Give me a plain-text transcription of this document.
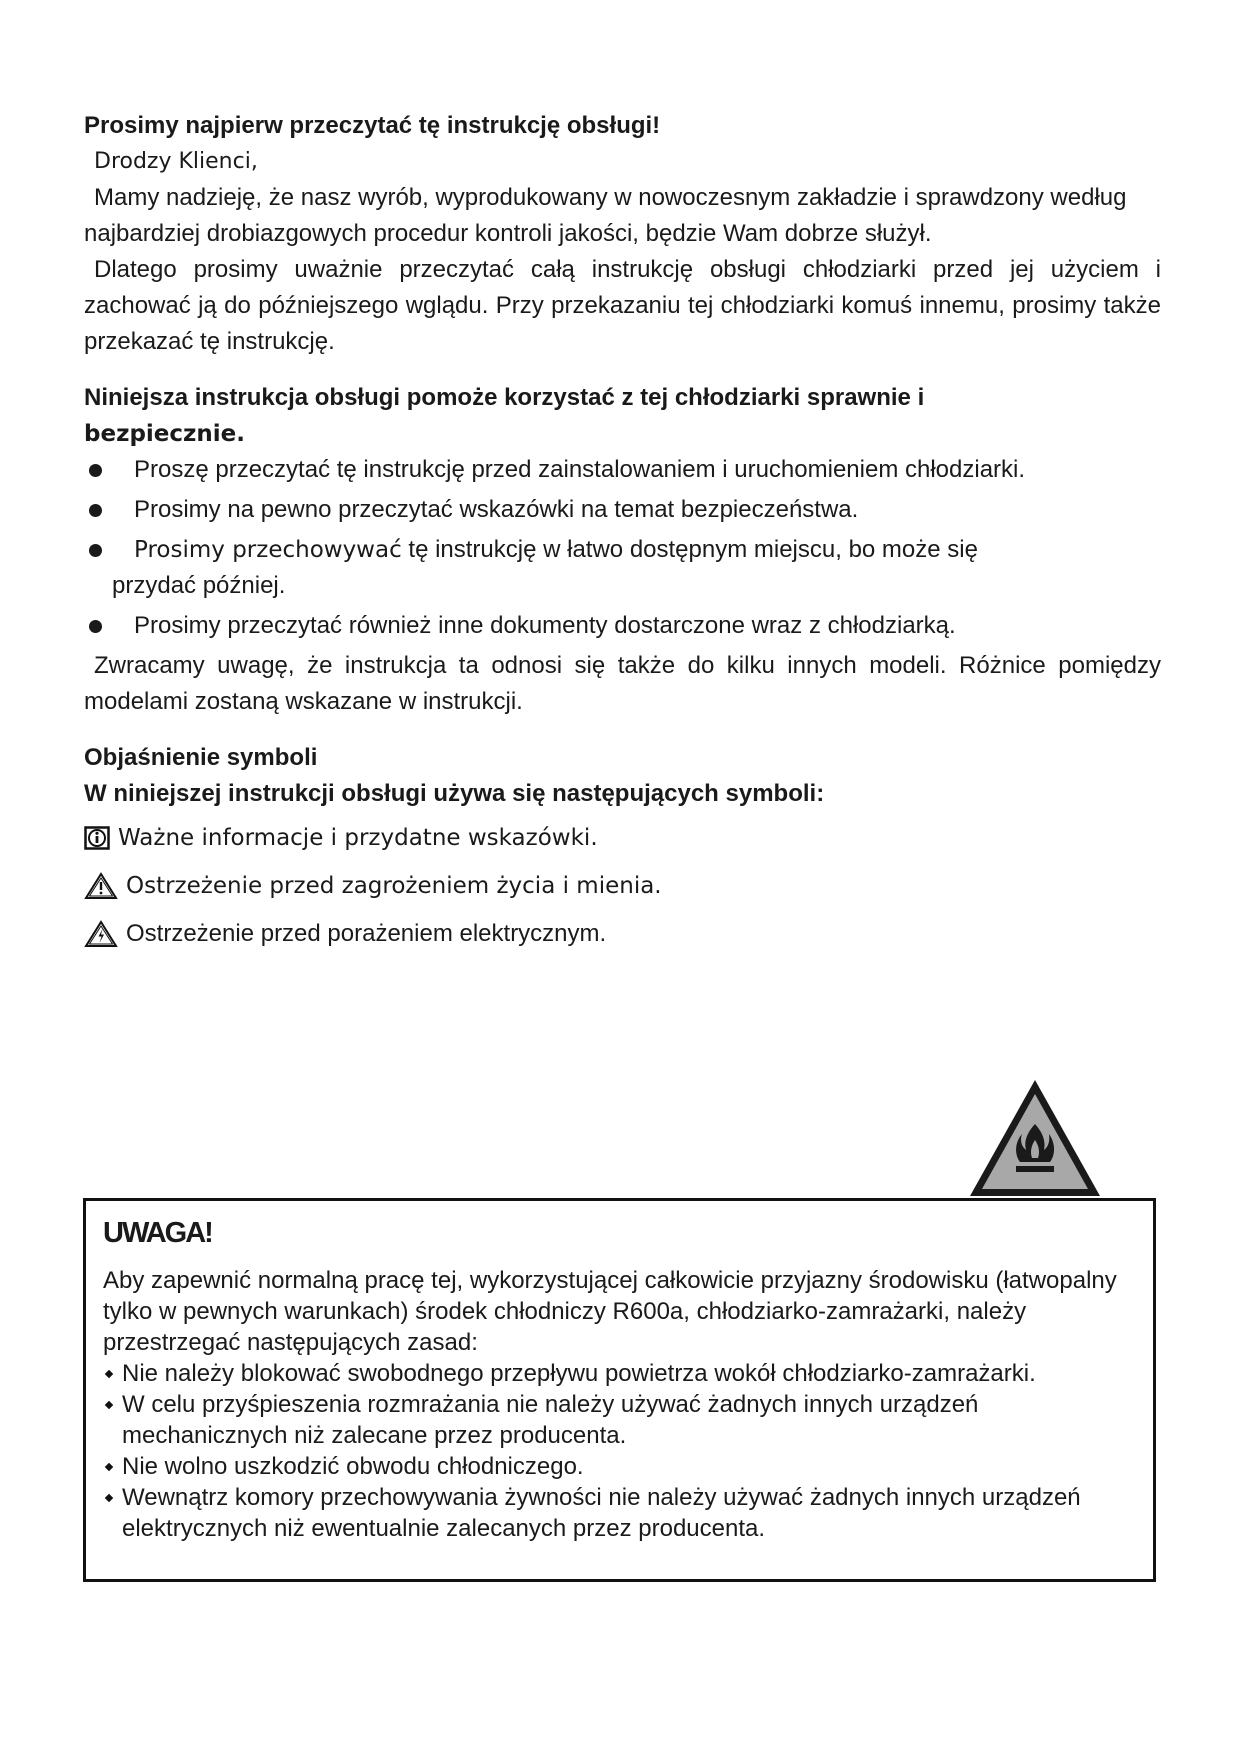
Prosimy najpierw przeczytać tę instrukcję obsługi!

Drodzy Klienci,

Mamy nadzieję, że nasz wyrób, wyprodukowany w nowoczesnym zakładzie i sprawdzony według najbardziej drobiazgowych procedur kontroli jakości, będzie Wam dobrze służył.

Dlatego prosimy uważnie przeczytać całą instrukcję obsługi chłodziarki przed jej użyciem i zachować ją do późniejszego wglądu. Przy przekazaniu tej chłodziarki komuś innemu, prosimy także przekazać tę instrukcję.

Niniejsza instrukcja obsługi pomoże korzystać z tej chłodziarki sprawnie i

bezpiecznie.

Proszę przeczytać tę instrukcję przed zainstalowaniem i uruchomieniem chłodziarki.
Prosimy na pewno przeczytać wskazówki na temat bezpieczeństwa.
Prosimy przechowywać tę instrukcję w łatwo dostępnym miejscu, bo może się
przydać później.
Prosimy przeczytać również inne dokumenty dostarczone wraz z chłodziarką.

Zwracamy uwagę, że instrukcja ta odnosi się także do kilku innych modeli. Różnice pomiędzy modelami zostaną wskazane w instrukcji.

Objaśnienie symboli

W niniejszej instrukcji obsługi używa się następujących symboli:

Ważne informacje i przydatne wskazówki.
Ostrzeżenie przed zagrożeniem życia i mienia.
Ostrzeżenie przed porażeniem elektrycznym.

UWAGA!

Aby zapewnić normalną pracę tej, wykorzystującej całkowicie przyjazny środowisku (łatwopalny tylko w pewnych warunkach) środek chłodniczy R600a, chłodziarko-zamrażarki, należy przestrzegać następujących zasad:

Nie należy blokować swobodnego przepływu powietrza wokół chłodziarko-zamrażarki.
W celu przyśpieszenia rozmrażania nie należy używać żadnych innych urządzeń mechanicznych niż zalecane przez producenta.
Nie wolno uszkodzić obwodu chłodniczego.
Wewnątrz komory przechowywania żywności nie należy używać żadnych innych urządzeń elektrycznych niż ewentualnie zalecanych przez producenta.
